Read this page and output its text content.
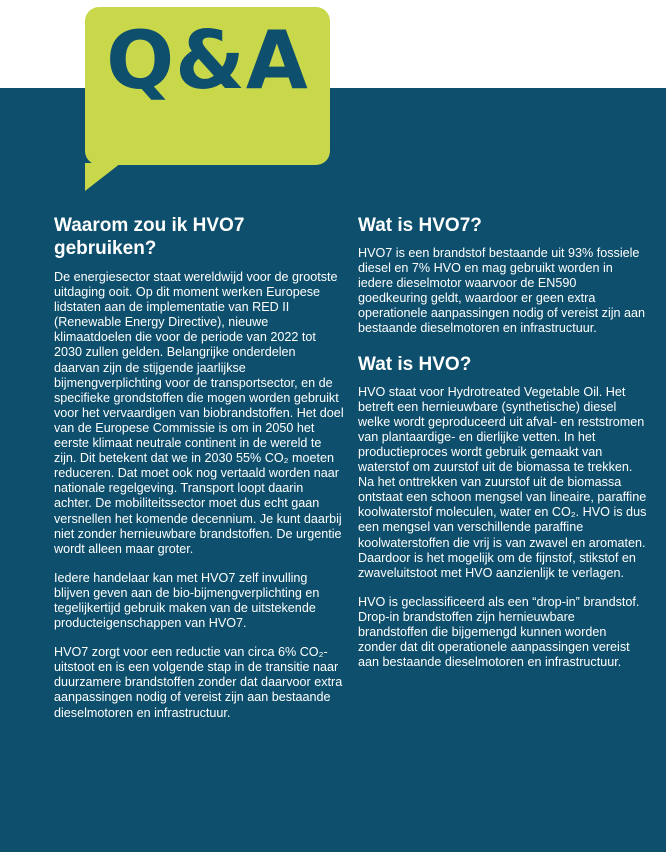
Q&A
Waarom zou ik HVO7 gebruiken?

De energiesector staat wereldwijd voor de grootste uitdaging ooit. Op dit moment werken Europese lidstaten aan de implementatie van RED II (Renewable Energy Directive), nieuwe klimaatdoelen die voor de periode van 2022 tot 2030 zullen gelden. Belangrijke onderdelen daarvan zijn de stijgende jaarlijkse bijmengverplichting voor de transportsector, en de specifieke grondstoffen die mogen worden gebruikt voor het vervaardigen van biobrandstoffen. Het doel van de Europese Commissie is om in 2050 het eerste klimaat neutrale continent in de wereld te zijn. Dit betekent dat we in 2030 55% CO₂ moeten reduceren. Dat moet ook nog vertaald worden naar nationale regelgeving. Transport loopt daarin achter. De mobiliteitssector moet dus echt gaan versnellen het komende decennium. Je kunt daarbij niet zonder hernieuwbare brandstoffen. De urgentie wordt alleen maar groter.

Iedere handelaar kan met HVO7 zelf invulling blijven geven aan de bio-bijmengverplichting en tegelijkertijd gebruik maken van de uitstekende producteigenschappen van HVO7.

HVO7 zorgt voor een reductie van circa 6% CO₂-uitstoot en is een volgende stap in de transitie naar duurzamere brandstoffen zonder dat daarvoor extra aanpassingen nodig of vereist zijn aan bestaande dieselmotoren en infrastructuur.

Wat is HVO7?

HVO7 is een brandstof bestaande uit 93% fossiele diesel en 7% HVO en mag gebruikt worden in iedere dieselmotor waarvoor de EN590 goedkeuring geldt, waardoor er geen extra operationele aanpassingen nodig of vereist zijn aan bestaande dieselmotoren en infrastructuur.

Wat is HVO?

HVO staat voor Hydrotreated Vegetable Oil. Het betreft een hernieuwbare (synthetische) diesel welke wordt geproduceerd uit afval- en reststromen van plantaardige- en dierlijke vetten. In het productieproces wordt gebruik gemaakt van waterstof om zuurstof uit de biomassa te trekken. Na het onttrekken van zuurstof uit de biomassa ontstaat een schoon mengsel van lineaire, paraffine koolwaterstof moleculen, water en CO₂. HVO is dus een mengsel van verschillende paraffine koolwaterstoffen die vrij is van zwavel en aromaten. Daardoor is het mogelijk om de fijnstof, stikstof en zwaveluitstoot met HVO aanzienlijk te verlagen.

HVO is geclassificeerd als een “drop-in” brandstof. Drop-in brandstoffen zijn hernieuwbare brandstoffen die bijgemengd kunnen worden zonder dat dit operationele aanpassingen vereist aan bestaande dieselmotoren en infrastructuur.
